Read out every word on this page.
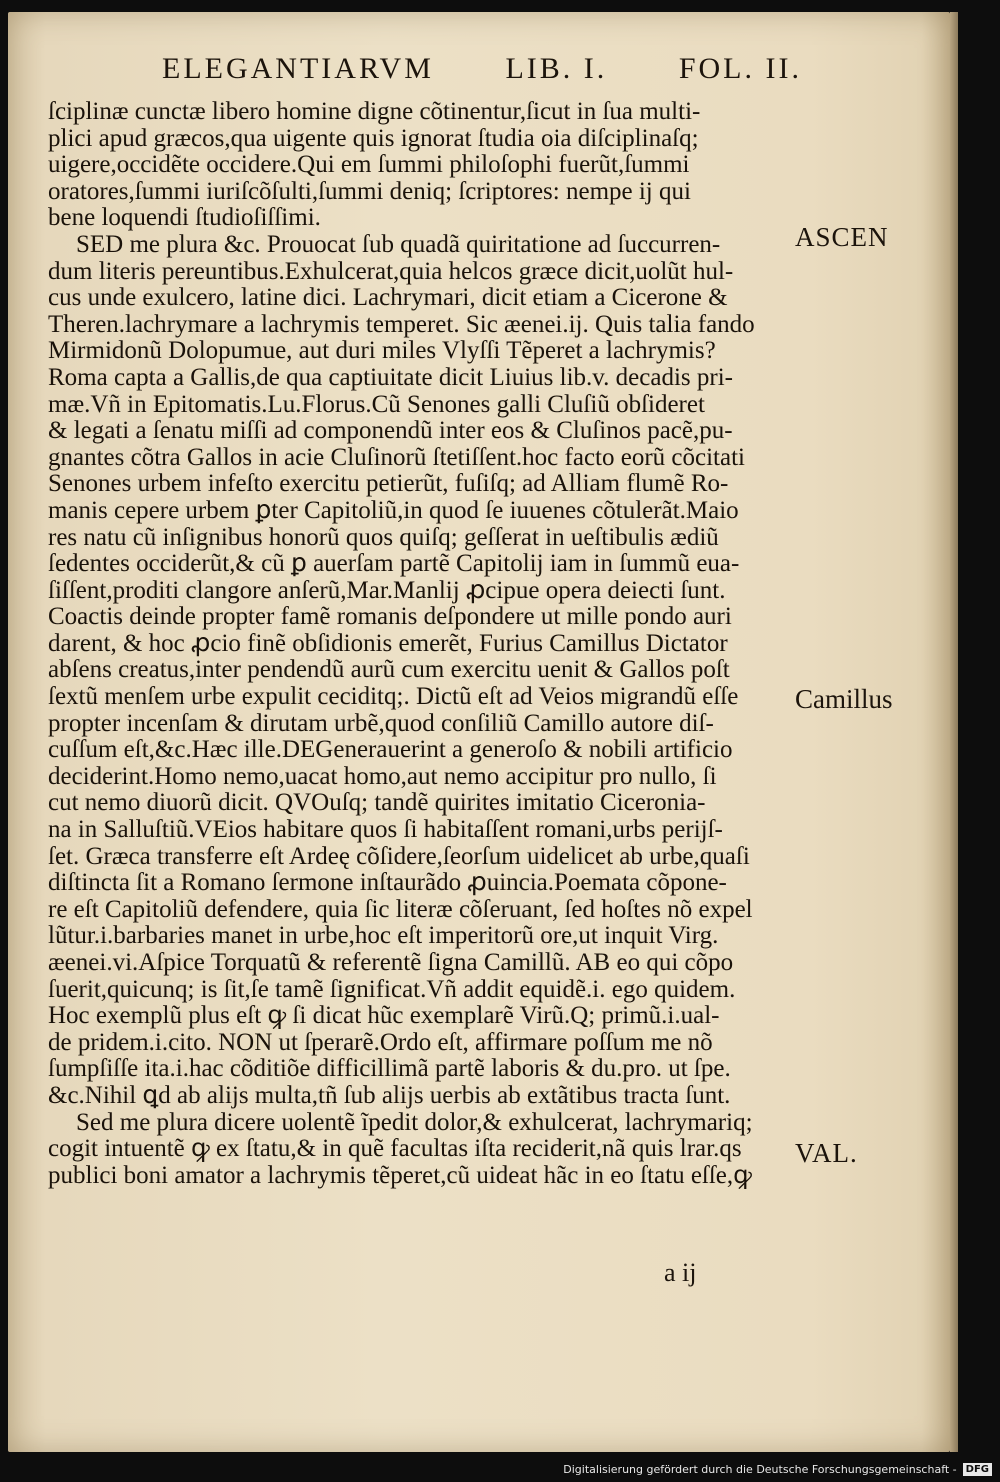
ELEGANTIARVM LIB. I. FOL. II.
ſciplinæ cunctæ libero homine digne cõtinentur,ſicut in ſua multi-
plici apud græcos,qua uigente quis ignorat ſtudia oia diſciplinaſq;
uigere,occidẽte occidere.Qui em ſummi philoſophi fuerũt,ſummi
oratores,ſummi iuriſcõſulti,ſummi deniq; ſcriptores: nempe ij qui
bene loquendi ſtudioſiſſimi.
SED me plura &c. Prouocat ſub quadã quiritatione ad ſuccurren-
dum literis pereuntibus.Exhulcerat,quia helcos græce dicit,uolũt hul-
cus unde exulcero, latine dici. Lachrymari, dicit etiam a Cicerone &
Theren.lachrymare a lachrymis temperet. Sic æenei.ij. Quis talia fando
Mirmidonũ Dolopumue, aut duri miles Vlyſſi Tẽperet a lachrymis?
Roma capta a Gallis,de qua captiuitate dicit Liuius lib.v. decadis pri-
mæ.Vñ in Epitomatis.Lu.Florus.Cũ Senones galli Cluſiũ obſideret
& legati a ſenatu miſſi ad componendũ inter eos & Cluſinos pacẽ,pu-
gnantes cõtra Gallos in acie Cluſinorũ ſtetiſſent.hoc facto eorũ cõcitati
Senones urbem infeſto exercitu petierũt, fuſiſq; ad Alliam flumẽ Ro-
manis cepere urbem ꝑter Capitoliũ,in quod ſe iuuenes cõtulerãt.Maio
res natu cũ inſignibus honorũ quos quiſq; geſſerat in ueſtibulis ædiũ
ſedentes occiderũt,& cũ ꝑ auerſam partẽ Capitolij iam in ſummũ eua-
ſiſſent,proditi clangore anſerũ,Mar.Manlij ꝓcipue opera deiecti ſunt.
Coactis deinde propter famẽ romanis deſpondere ut mille pondo auri
darent, & hoc ꝓcio finẽ obſidionis emerẽt, Furius Camillus Dictator
abſens creatus,inter pendendũ aurũ cum exercitu uenit & Gallos poſt
ſextũ menſem urbe expulit ceciditq;. Dictũ eſt ad Veios migrandũ eſſe
propter incenſam & dirutam urbẽ,quod conſiliũ Camillo autore diſ-
cuſſum eſt,&c.Hæc ille.DEGenerauerint a generoſo & nobili artificio
deciderint.Homo nemo,uacat homo,aut nemo accipitur pro nullo, ſi
cut nemo diuorũ dicit. QVOuſq; tandẽ quirites imitatio Ciceronia-
na in Salluſtiũ.VEios habitare quos ſi habitaſſent romani,urbs perijſ-
ſet. Græca transferre eſt Ardeę cõſidere,ſeorſum uidelicet ab urbe,quaſi
diſtincta ſit a Romano ſermone inſtaurãdo ꝓuincia.Poemata cõpone-
re eſt Capitoliũ defendere, quia ſic literæ cõſeruant, ſed hoſtes nõ expel
lũtur.i.barbaries manet in urbe,hoc eſt imperitorũ ore,ut inquit Virg.
æenei.vi.Aſpice Torquatũ & referentẽ ſigna Camillũ. AB eo qui cõpo
ſuerit,quicunq; is ſit,ſe tamẽ ſignificat.Vñ addit equidẽ.i. ego quidem.
Hoc exemplũ plus eſt ꝙ ſi dicat hũc exemplarẽ Virũ.Q; primũ.i.ual-
de pridem.i.cito. NON ut ſperarẽ.Ordo eſt, affirmare poſſum me nõ
ſumpſiſſe ita.i.hac cõditiõe difficillimã partẽ laboris & du.pro. ut ſpe.
&c.Nihil ꝗd ab alijs multa,tñ ſub alijs uerbis ab extãtibus tracta ſunt.
Sed me plura dicere uolentẽ ĩpedit dolor,& exhulcerat, lachrymariq;
cogit intuentẽ ꝙ ex ſtatu,& in quẽ facultas iſta reciderit,nã quis lrar.qs
publici boni amator a lachrymis tẽperet,cũ uideat hãc in eo ſtatu eſſe,ꝙ
ASCEN
Camillus
VAL.
a ij
Digitalisierung gefördert durch die Deutsche Forschungsgemeinschaft - DFG
